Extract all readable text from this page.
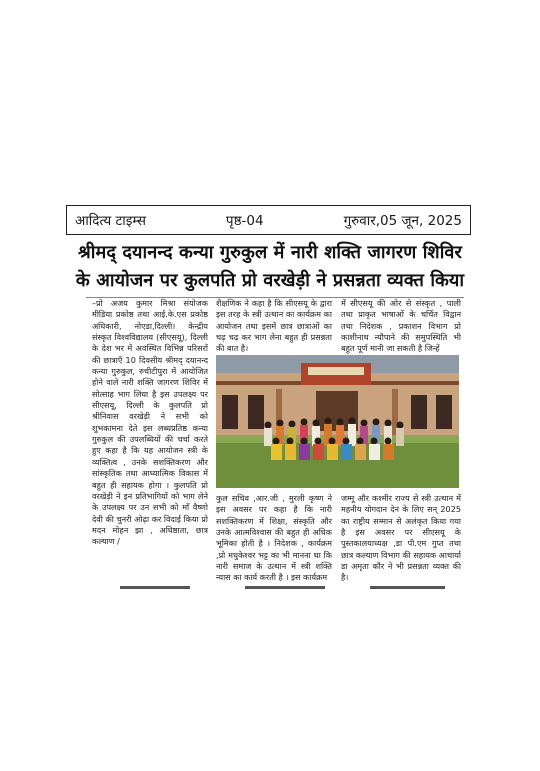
आदित्य टाइम्स	पृष्ठ-04	गुरुवार,05 जून, 2025
श्रीमद् दयानन्द कन्या गुरुकुल में नारी शक्ति जागरण शिविर
के आयोजन पर कुलपति प्रो वरखेड़ी ने प्रसन्नता व्यक्त किया

–प्रो अजय कुमार मिश्रा संयोजक मीडिया प्रकोष्ठ तथा आई.के.एस प्रकोष्ठ अधिकारी, नोएडा,दिल्ली। केन्द्रीय संस्कृत विश्वविद्यालय (सीएसयू), दिल्ली के देश भर में अवस्थित विभिन्न परिसरों की छात्राएँ 10 दिवसीय श्रीमद् दयानन्द कन्या गुरुकुल, रुचीटीपुरा में आयोजित होने वाले नारी शक्ति जागरण शिविर में सोत्साह भाग लिया है इस उपलक्ष्य पर सीएसयू, दिल्ली के कुलपति प्रो श्रीनिवास वरखेड़ी ने सभी को शुभकामना देते इस लब्धप्रतिष्ठ कन्या गुरुकुल की उपलब्धियों की चर्चा करते हुए कहा है कि यह आयोजन स्त्री के व्यक्तित्व , उनके सशक्तिकरण और सांस्कृतिक तथा आध्यात्मिक विकास में बहुत ही सहायक होगा । कुलपति प्रो वरखेड़ी ने इन प्रतिभागियों को भाग लेने के उपलक्ष्य पर उन सभी को माँ वैष्णो देवी की चुनरी ओढ़ा कर विदाई किया प्रो मदन मोहन झा , अधिष्ठाता, छात्र कल्याण /

शैक्षणिक ने कहा है कि सीएसयू के द्वारा इस तरह के स्त्री उत्थान का कार्यक्रम का आयोजन तथा इसमें छात्र छात्राओं का चढ़ चढ़ कर भाग लेना बहुत ही प्रसन्नता की बात है।

में सीएसयू की ओर से संस्कृत , पाली तथा प्राकृत भाषाओं के चर्चित विद्वान तथा निदेशक , प्रकाशन विभाग प्रो काशीनाथ न्यौपाने की समुपस्थिति भी बहुत पूर्ण मानी जा सकती है जिन्हें

कुल सचिव ,आर.जी , मुरली कृष्ण ने इस अवसर पर कहा है कि नारी सशक्तिकरण में शिक्षा, संस्कृति और उनके आत्मविश्वास की बहुत ही अधिक भूमिका होती है । निदेशक , कार्यक्रम ,प्रो मधुकेश्वर भट्ट का भी मानना था कि नारी समाज के उत्थान में स्त्री शक्ति न्यास का कार्य करती है । इस कार्यक्रम

जम्मू और कश्मीर राज्य से स्त्री उत्थान में महनीय योगदान देन के लिए सन् 2025 का राष्ट्रीय सम्मान से अलंकृत किया गया है इस अवसर पर सीएसयू के पुस्तकालयाध्यक्ष ,डा पी.एम गुप्त तथा छात्र कल्याण विभाग की सहायक आचार्या डा अमृता कौर ने भी प्रसन्नता व्यक्त की है।
